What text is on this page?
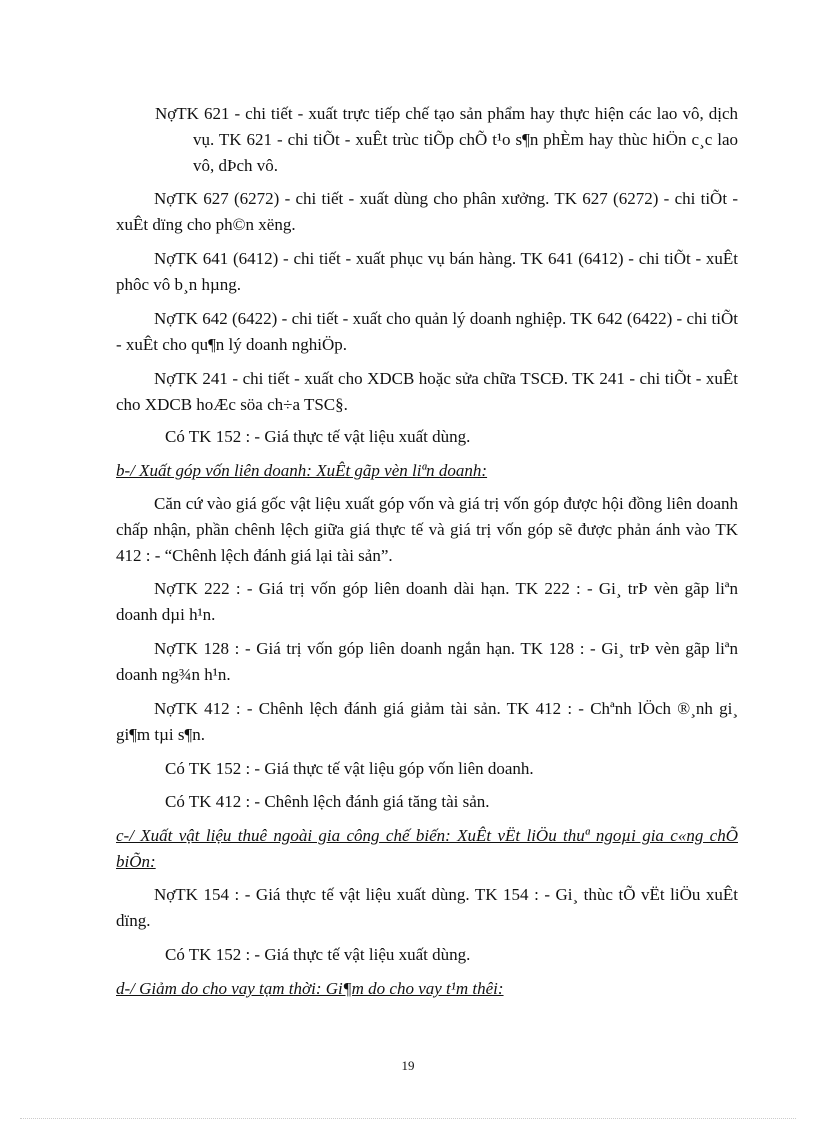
NợTK 621 - chi tiết - xuất trực tiếp chế tạo sản phẩm hay thực hiện các lao vô, dịch vụ. TK 621 - chi tiÕt - xuÊt trùc tiÕp chÕ t¹o s¶n phÈm hay thùc hiÖn c¸c lao vô, dÞch vô.

NợTK 627 (6272) - chi tiết - xuất dùng cho phân xưởng. TK 627 (6272) - chi tiÕt - xuÊt dïng cho ph©n xëng.

NợTK 641 (6412) - chi tiết - xuất phục vụ bán hàng. TK 641 (6412) - chi tiÕt - xuÊt phôc vô b¸n hµng.

NợTK 642 (6422) - chi tiết - xuất cho quản lý doanh nghiệp. TK 642 (6422) - chi tiÕt - xuÊt cho qu¶n lý doanh nghiÖp.

NợTK 241 - chi tiết - xuất cho XDCB hoặc sửa chữa TSCĐ. TK 241 - chi tiÕt - xuÊt cho XDCB hoÆc söa ch÷a TSC§.

Có TK 152 : - Giá thực tế vật liệu xuất dùng.

b-/ Xuất góp vốn liên doanh: XuÊt gãp vèn liªn doanh:

Căn cứ vào giá gốc vật liệu xuất góp vốn và giá trị vốn góp được hội đồng liên doanh chấp nhận, phần chênh lệch giữa giá thực tế và giá trị vốn góp sẽ được phản ánh vào TK 412 : - “Chênh lệch đánh giá lại tài sản”.

NợTK 222 : - Giá trị vốn góp liên doanh dài hạn. TK 222 : - Gi¸ trÞ vèn gãp liªn doanh dµi h¹n.

NợTK 128 : - Giá trị vốn góp liên doanh ngắn hạn. TK 128 : - Gi¸ trÞ vèn gãp liªn doanh ng¾n h¹n.

NợTK 412 : - Chênh lệch đánh giá giảm tài sản. TK 412 : - Chªnh lÖch ®¸nh gi¸ gi¶m tµi s¶n.

Có TK 152 : - Giá thực tế vật liệu góp vốn liên doanh.

Có TK 412 : - Chênh lệch đánh giá tăng tài sản.

c-/ Xuất vật liệu thuê ngoài gia công chế biến: XuÊt vËt liÖu thuª ngoµi gia c«ng chÕ biÕn:

NợTK 154 : - Giá thực tế vật liệu xuất dùng. TK 154 : - Gi¸ thùc tÕ vËt liÖu xuÊt dïng.

Có TK 152 : - Giá thực tế vật liệu xuất dùng.

d-/ Giảm do cho vay tạm thời: Gi¶m do cho vay t¹m thêi:

19
